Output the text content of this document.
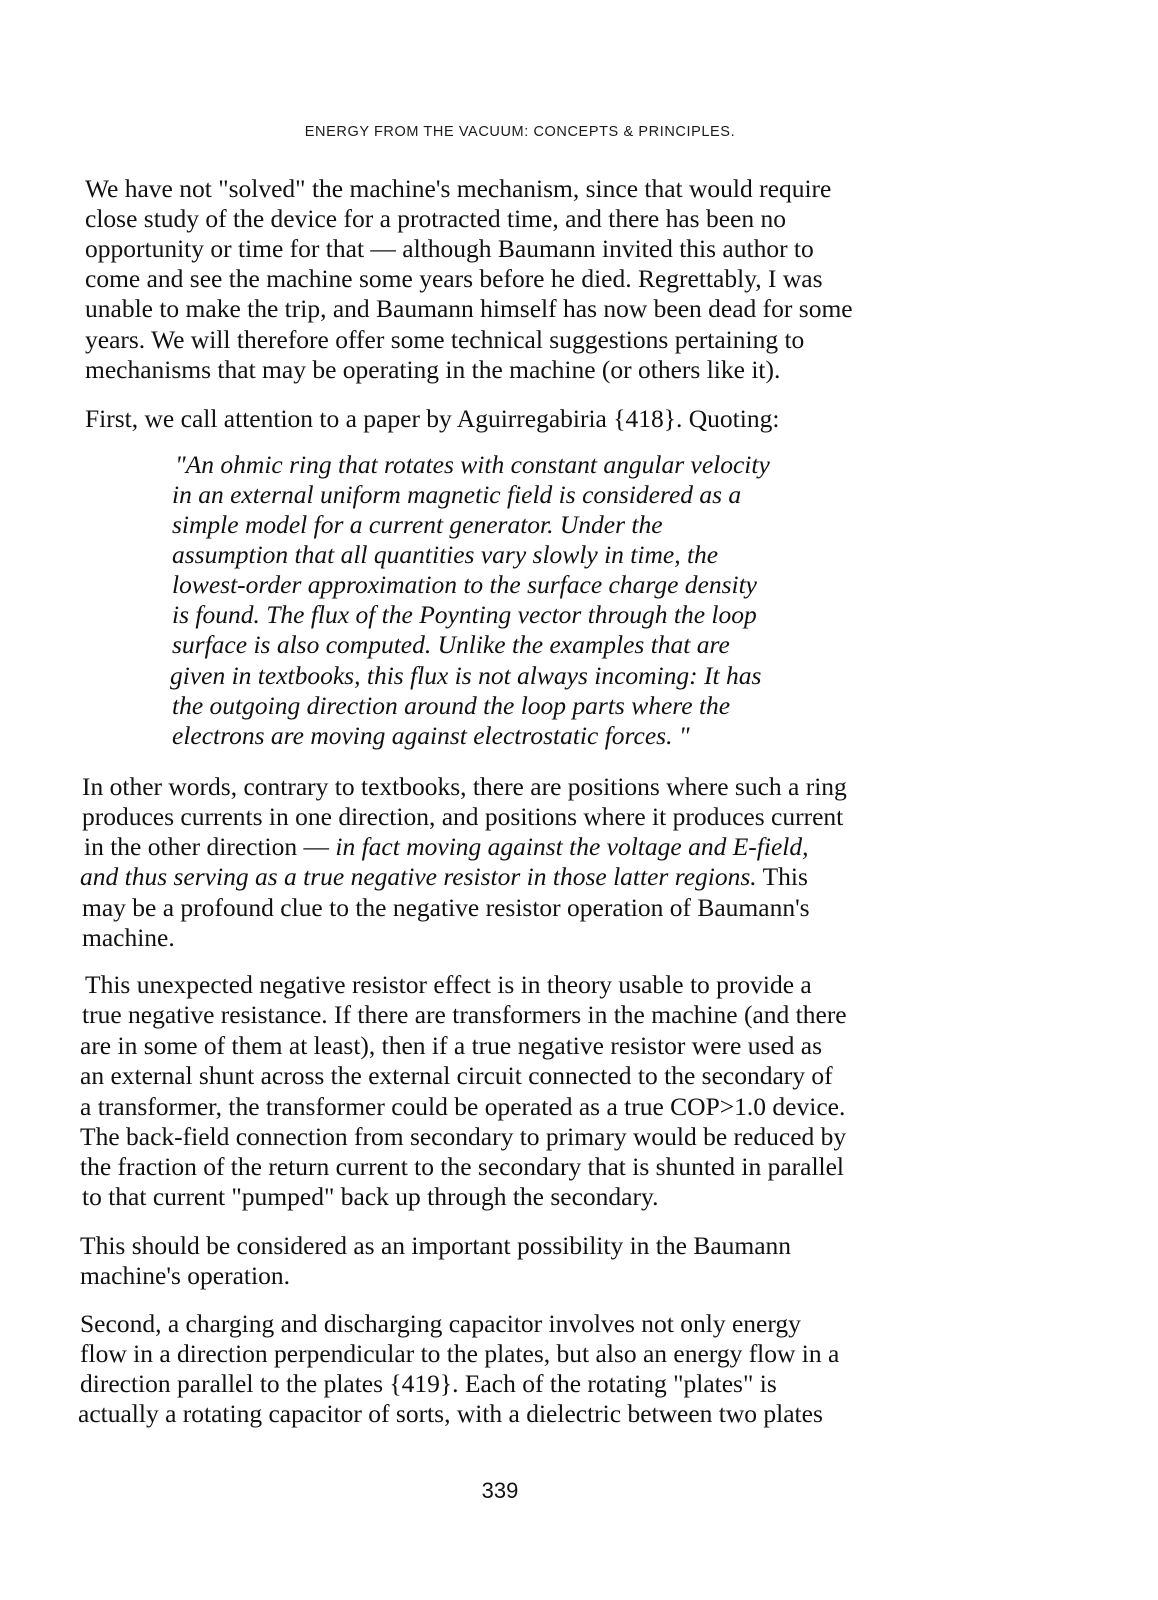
ENERGY FROM THE VACUUM: CONCEPTS & PRINCIPLES.
We have not "solved" the machine's mechanism, since that would require
close study of the device for a protracted time, and there has been no
opportunity or time for that — although Baumann invited this author to
come and see the machine some years before he died. Regrettably, I was
unable to make the trip, and Baumann himself has now been dead for some
years. We will therefore offer some technical suggestions pertaining to
mechanisms that may be operating in the machine (or others like it).
First, we call attention to a paper by Aguirregabiria {418}. Quoting:
"An ohmic ring that rotates with constant angular velocity
in an external uniform magnetic field is considered as a
simple model for a current generator. Under the
assumption that all quantities vary slowly in time, the
lowest-order approximation to the surface charge density
is found. The flux of the Poynting vector through the loop
surface is also computed. Unlike the examples that are
given in textbooks, this flux is not always incoming: It has
the outgoing direction around the loop parts where the
electrons are moving against electrostatic forces. "
In other words, contrary to textbooks, there are positions where such a ring
produces currents in one direction, and positions where it produces current
in the other direction — in fact moving against the voltage and E-field,
and thus serving as a true negative resistor in those latter regions. This
may be a profound clue to the negative resistor operation of Baumann's
machine.
This unexpected negative resistor effect is in theory usable to provide a
true negative resistance. If there are transformers in the machine (and there
are in some of them at least), then if a true negative resistor were used as
an external shunt across the external circuit connected to the secondary of
a transformer, the transformer could be operated as a true COP>1.0 device.
The back-field connection from secondary to primary would be reduced by
the fraction of the return current to the secondary that is shunted in parallel
to that current "pumped" back up through the secondary.
This should be considered as an important possibility in the Baumann
machine's operation.
Second, a charging and discharging capacitor involves not only energy
flow in a direction perpendicular to the plates, but also an energy flow in a
direction parallel to the plates {419}. Each of the rotating "plates" is
actually a rotating capacitor of sorts, with a dielectric between two plates
339
